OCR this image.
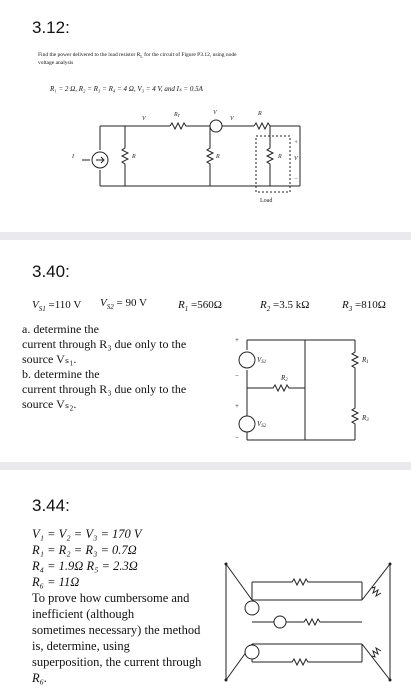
3.12:
Find the power delivered to the load resistor $R_L$ for the circuit of Figure P3.12, using node
voltage analysis
R₁ = 2 Ω, R₂ = R₃ = R₄ = 4 Ω, V₃ = 4 V, and Iₛ = 0.5A
RT	V
V	V
R
I	R	R	R V
+
−
Load
3.40:
$V_{S1} =110$ V $V_{S2} = 90$ V	$R_1 =560\Omega$	$R_2 =3.5$ kΩ	$R_3 =810\Omega$
a. determine the
current through R₃ due only to the
source Vₛ₁.
b. determine the
current through R₃ due only to the
source Vₛ₂.
VS1
VS2
R2
R1
R3
+
−
+
−
3.44:
V₁ = V₂ = V₃ = 170 V
R₁ = R₂ = R₃ = 0.7Ω
R₄ = 1.9Ω R₅ = 2.3Ω
R₆ = 11Ω
To prove how cumbersome and
inefficient (although
sometimes necessary) the method
is, determine, using
superposition, the current through
R₆.
